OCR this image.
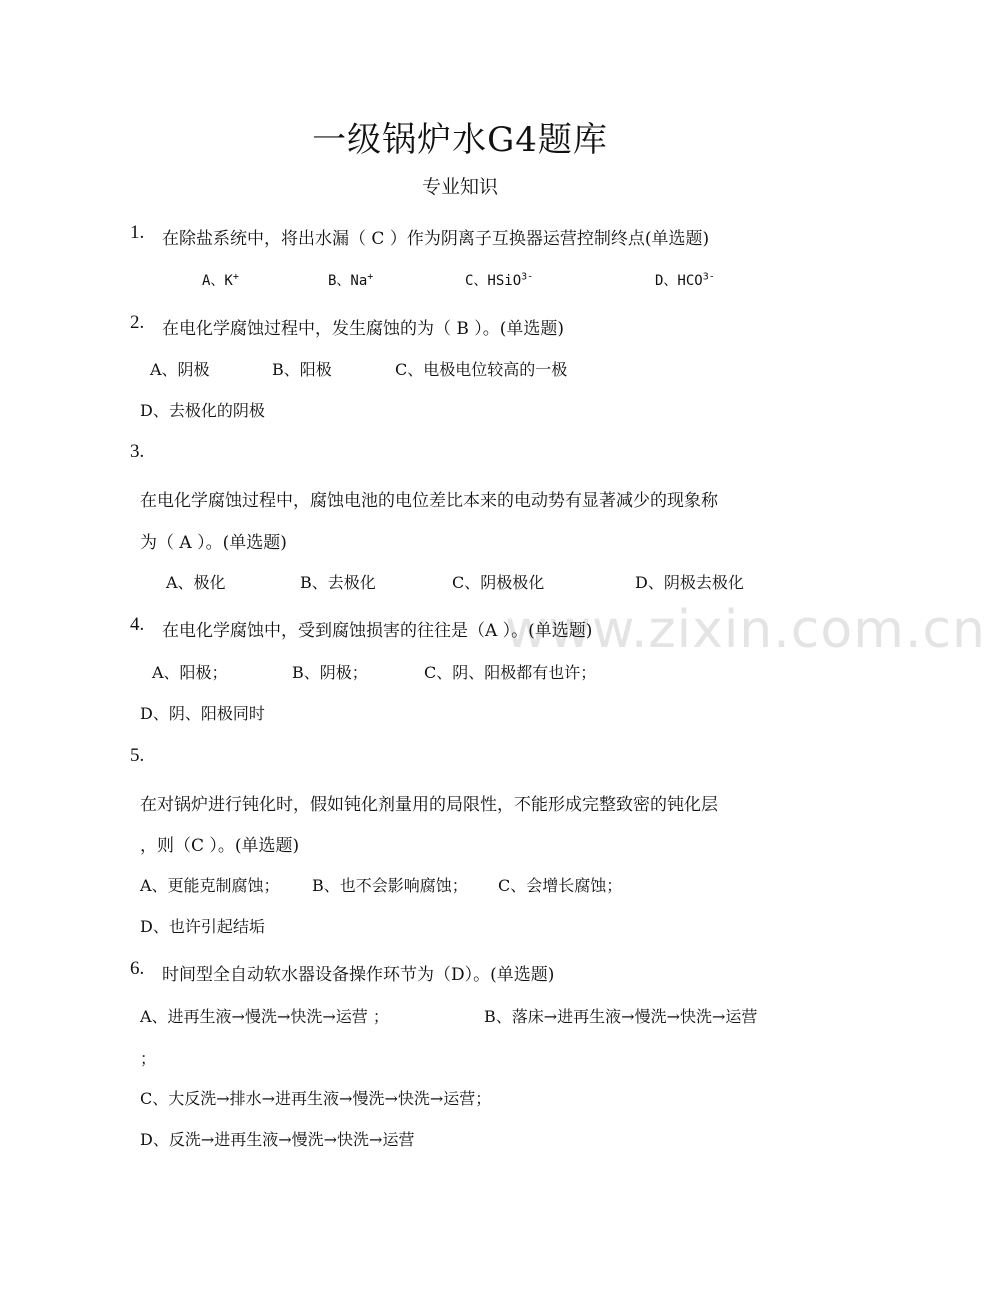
www.zixin.com.cn
一级锅炉水G4题库
专业知识
1. 在除盐系统中，将出水漏（ C ）作为阴离子互换器运营控制终点(单选题)
A、K+	B、Na+	C、HSiO$^{3-}$	D、$HCO^{3-}$
2. 在电化学腐蚀过程中，发生腐蚀的为（ B ）。(单选题)
A、阴极	B、阳极	C、电极电位较高的一极
D、去极化的阴极
3.
在电化学腐蚀过程中，腐蚀电池的电位差比本来的电动势有显著减少的现象称
为（ A ）。(单选题)
A、极化	B、去极化	C、阴极极化	D、阴极去极化
4. 在电化学腐蚀中，受到腐蚀损害的往往是（A ）。(单选题)
A、阳极；	B、阴极；	C、阴、阳极都有也许；
D、阴、阳极同时
5.
在对锅炉进行钝化时，假如钝化剂量用的局限性，不能形成完整致密的钝化层
，则（C ）。(单选题)
A、更能克制腐蚀； B、也不会影响腐蚀； C、会增长腐蚀；
D、也许引起结垢
6. 时间型全自动软水器设备操作环节为（D）。(单选题)
A、进再生液→慢洗→快洗→运营 ；	B、落床→进再生液→慢洗→快洗→运营
；
C、大反洗→排水→进再生液→慢洗→快洗→运营；
D、反洗→进再生液→慢洗→快洗→运营
